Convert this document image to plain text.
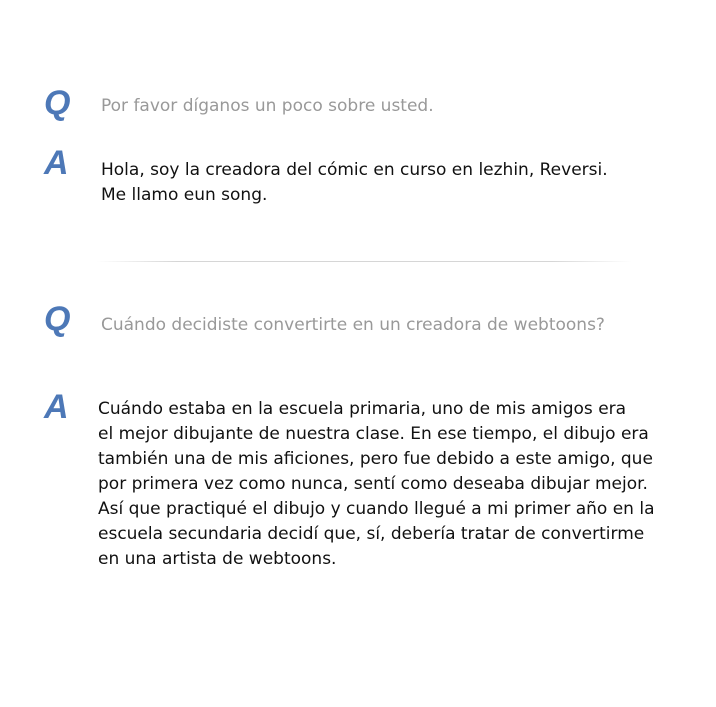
Q Por favor díganos un poco sobre usted.
A Hola, soy la creadora del cómic en curso en lezhin, Reversi.
Me llamo eun song.
Q Cuándo decidiste convertirte en un creadora de webtoons?
A Cuándo estaba en la escuela primaria, uno de mis amigos era
el mejor dibujante de nuestra clase. En ese tiempo, el dibujo era
también una de mis aficiones, pero fue debido a este amigo, que
por primera vez como nunca, sentí como deseaba dibujar mejor.
Así que practiqué el dibujo y cuando llegué a mi primer año en la
escuela secundaria decidí que, sí, debería tratar de convertirme
en una artista de webtoons.
